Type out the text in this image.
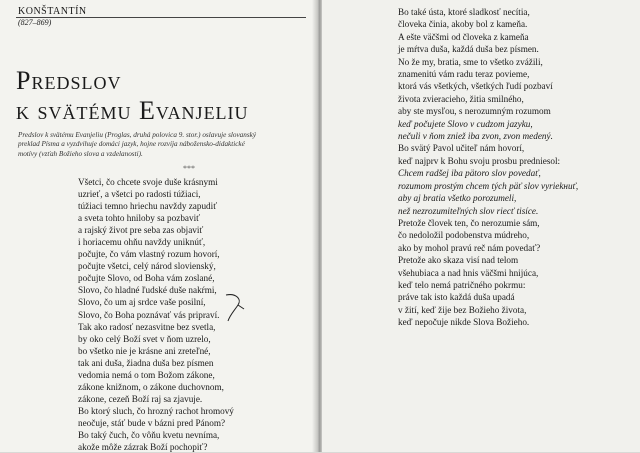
KONŠTANTÍN
(827–869)
Predslov
k svätému Evanjeliu
Predslov k svätému Evanjeliu (Proglas, druhá polovica 9. stor.) oslavuje slovanský
preklad Písma a vyzdvihuje domáci jazyk, hojne rozvíja nábožensko-didaktické
motívy (vzťah Božieho slova a vzdelanosti).
***
Všetci, čo chcete svoje duše krásnymi
uzrieť, a všetci po radosti túžiaci,
túžiaci temno hriechu navždy zapudiť
a sveta tohto hniloby sa pozbaviť
a rajský život pre seba zas objaviť
i horiacemu ohňu navždy uniknúť,
počujte, čo vám vlastný rozum hovorí,
počujte všetci, celý národ slovienský,
počujte Slovo, od Boha vám zoslané,
Slovo, čo hladné ľudské duše nakŕmi,
Slovo, čo um aj srdce vaše posilní,
Slovo, čo Boha poznávať vás pripraví.
Tak ako radosť nezasvitne bez svetla,
by oko celý Boží svet v ňom uzrelo,
bo všetko nie je krásne ani zreteľné,
tak ani duša, žiadna duša bez písmen
vedomia nemá o tom Božom zákone,
zákone knižnom, o zákone duchovnom,
zákone, cezeň Boží raj sa zjavuje.
Bo ktorý sluch, čo hrozný rachot hromový
neočuje, stáť bude v bázni pred Pánom?
Bo taký čuch, čo vôňu kvetu nevníma,
akože môže zázrak Boží pochopiť?
Bo také ústa, ktoré sladkosť necítia,
človeka činia, akoby bol z kameňa.
A ešte väčšmi od človeka z kameňa
je mŕtva duša, každá duša bez písmen.
No že my, bratia, sme to všetko zvážili,
znamenitú vám radu teraz povieme,
ktorá vás všetkých, všetkých ľudí pozbaví
života zvieracieho, žitia smilného,
aby ste mysľou, s nerozumným rozumom
keď počujete Slovo v cudzom jazyku,
nečuli v ňom zniež iba zvon, zvon medený.
Bo svätý Pavol učiteľ nám hovorí,
keď najprv k Bohu svoju prosbu predniesol:
Chcem radšej iba pätoro slov povedať,
rozumom prostým chcem tých päť slov vyriekнuť,
aby aj bratia všetko porozumeli,
než nezrozumiteľných slov rieсť tisíce.
Pretože človek ten, čo nerozumie sám,
čo nedoložil podobenstva múdreho,
ako by mohol pravú reč nám povedať?
Pretože ako skaza visí nad telom
všehubiaca a nad hnis väčšmi hnijúca,
keď telo nemá patričného pokrmu:
práve tak isto každá duša upadá
v žití, keď žije bez Božieho života,
keď nepočuje nikde Slova Božieho.
